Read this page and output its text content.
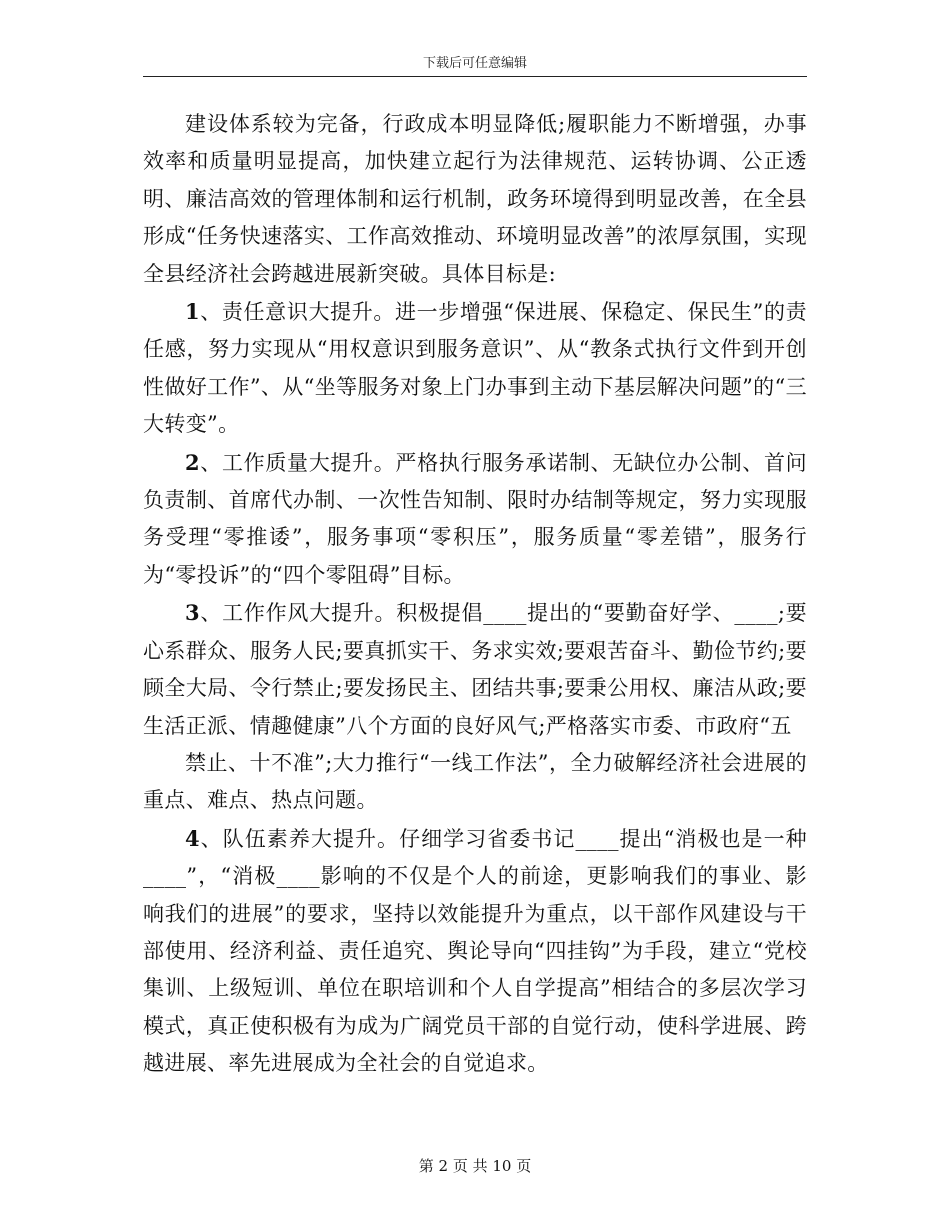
下载后可任意编辑

建设体系较为完备，行政成本明显降低;履职能力不断增强，办事效率和质量明显提高，加快建立起行为法律规范、运转协调、公正透明、廉洁高效的管理体制和运行机制，政务环境得到明显改善，在全县形成“任务快速落实、工作高效推动、环境明显改善”的浓厚氛围，实现全县经济社会跨越进展新突破。具体目标是:

1、责任意识大提升。进一步增强“保进展、保稳定、保民生”的责任感，努力实现从“用权意识到服务意识”、从“教条式执行文件到开创性做好工作”、从“坐等服务对象上门办事到主动下基层解决问题”的“三大转变”。

2、工作质量大提升。严格执行服务承诺制、无缺位办公制、首问负责制、首席代办制、一次性告知制、限时办结制等规定，努力实现服务受理“零推诿”，服务事项“零积压”，服务质量“零差错”，服务行为“零投诉”的“四个零阻碍”目标。

3、工作作风大提升。积极提倡____提出的“要勤奋好学、____;要心系群众、服务人民;要真抓实干、务求实效;要艰苦奋斗、勤俭节约;要顾全大局、令行禁止;要发扬民主、团结共事;要秉公用权、廉洁从政;要生活正派、情趣健康”八个方面的良好风气;严格落实市委、市政府“五

禁止、十不准”;大力推行“一线工作法”，全力破解经济社会进展的重点、难点、热点问题。

4、队伍素养大提升。仔细学习省委书记____提出“消极也是一种____”，“消极____影响的不仅是个人的前途，更影响我们的事业、影响我们的进展”的要求，坚持以效能提升为重点，以干部作风建设与干部使用、经济利益、责任追究、舆论导向“四挂钩”为手段，建立“党校集训、上级短训、单位在职培训和个人自学提高”相结合的多层次学习模式，真正使积极有为成为广阔党员干部的自觉行动，使科学进展、跨越进展、率先进展成为全社会的自觉追求。

第 2 页 共 10 页
